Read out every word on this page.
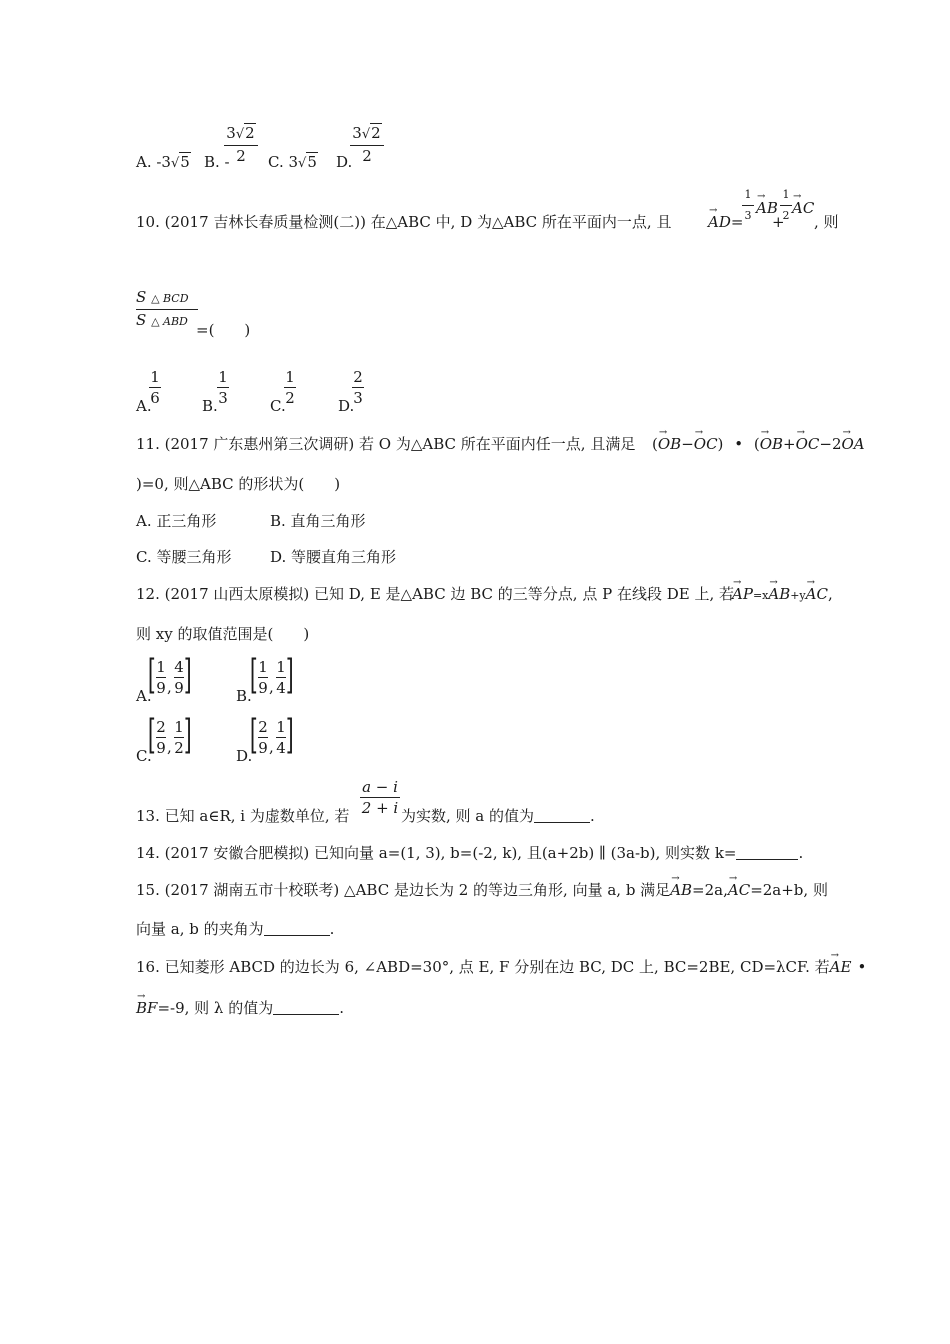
A. -3√5 B. -
3√2
2	C. 3√5 D.
3√2
2
10. (2017 吉林长春质量检测(二)) 在△ABC 中, D 为△ABC 所在平面内一点, 且 → AD=
1
3 → AB
+
1
2 → AC
, 则
S △ BCD
S △ ABD =(　　)
A.
1
6	B.
1
3	C.
1
2	D.
2
3
11. (2017 广东惠州第三次调研) 若 O 为△ABC 所在平面内任一点, 且满足 (→ OB−→ OC) • (→ OB+→ OC−2→ OA
)=0, 则△ABC 的形状为(　　)
A. 正三角形	B. 直角三角形
C. 等腰三角形	D. 等腰直角三角形
12. (2017 山西太原模拟) 已知 D, E 是△ABC 边 BC 的三等分点, 点 P 在线段 DE 上, 若
→ AP=x→ AB+y→ AC,
则 xy 的取值范围是(　　)
A.
[ 1
9 ,
4
9 ]	B.
[ 1
9 ,
1
4 ]
C.
[ 2
9 ,
1
2 ]	D.
[ 2
9 ,
1
4 ]
13. 已知 a∈R, i 为虚数单位, 若
a − i
2 + i 为实数, 则 a 的值为	.
14. (2017 安徽合肥模拟) 已知向量 a=(1, 3), b=(-2, k), 且(a+2b) ∥ (3a-b), 则实数 k=	.
15. (2017 湖南五市十校联考) △ABC 是边长为 2 的等边三角形, 向量 a, b 满足→ AB=2a,→ AC=2a+b, 则
向量 a, b 的夹角为	.
16. 已知菱形 ABCD 的边长为 6, ∠ABD=30°, 点 E, F 分别在边 BC, DC 上, BC=2BE, CD=λCF. 若→ AE •
→ BF=-9, 则 λ 的值为	.
